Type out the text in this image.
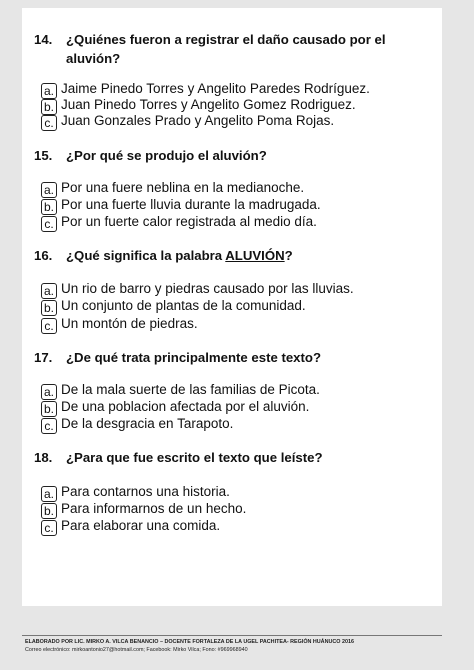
14. ¿Quiénes fueron a registrar el daño causado por el
aluvión?
a. Jaime Pinedo Torres y Angelito Paredes Rodríguez.
b. Juan Pinedo Torres y Angelito Gomez Rodriguez.
c. Juan Gonzales Prado y Angelito Poma Rojas.
15. ¿Por qué se produjo el aluvión?
a. Por una fuere neblina en la medianoche.
b. Por una fuerte lluvia durante la madrugada.
c. Por un fuerte calor registrada al medio día.
16. ¿Qué significa la palabra ALUVIÓN?
a. Un rio de barro y piedras causado por las lluvias.
b. Un conjunto de plantas de la comunidad.
c. Un montón de piedras.
17. ¿De qué trata principalmente este texto?
a. De la mala suerte de las familias de Picota.
b. De una poblacion afectada por el aluvión.
c. De la desgracia en Tarapoto.
18. ¿Para que fue escrito el texto que leíste?
a. Para contarnos una historia.
b. Para informarnos de un hecho.
c. Para elaborar una comida.
ELABORADO POR LIC. MIRKO A. VILCA BENANCIO – DOCENTE FORTALEZA DE LA UGEL PACHITEA- REGIÓN HUÁNUCO 2016
Correo electrónico: mirkoantonio27@hotmail.com; Facebook: Mirko Vilca; Fono: #969968940
